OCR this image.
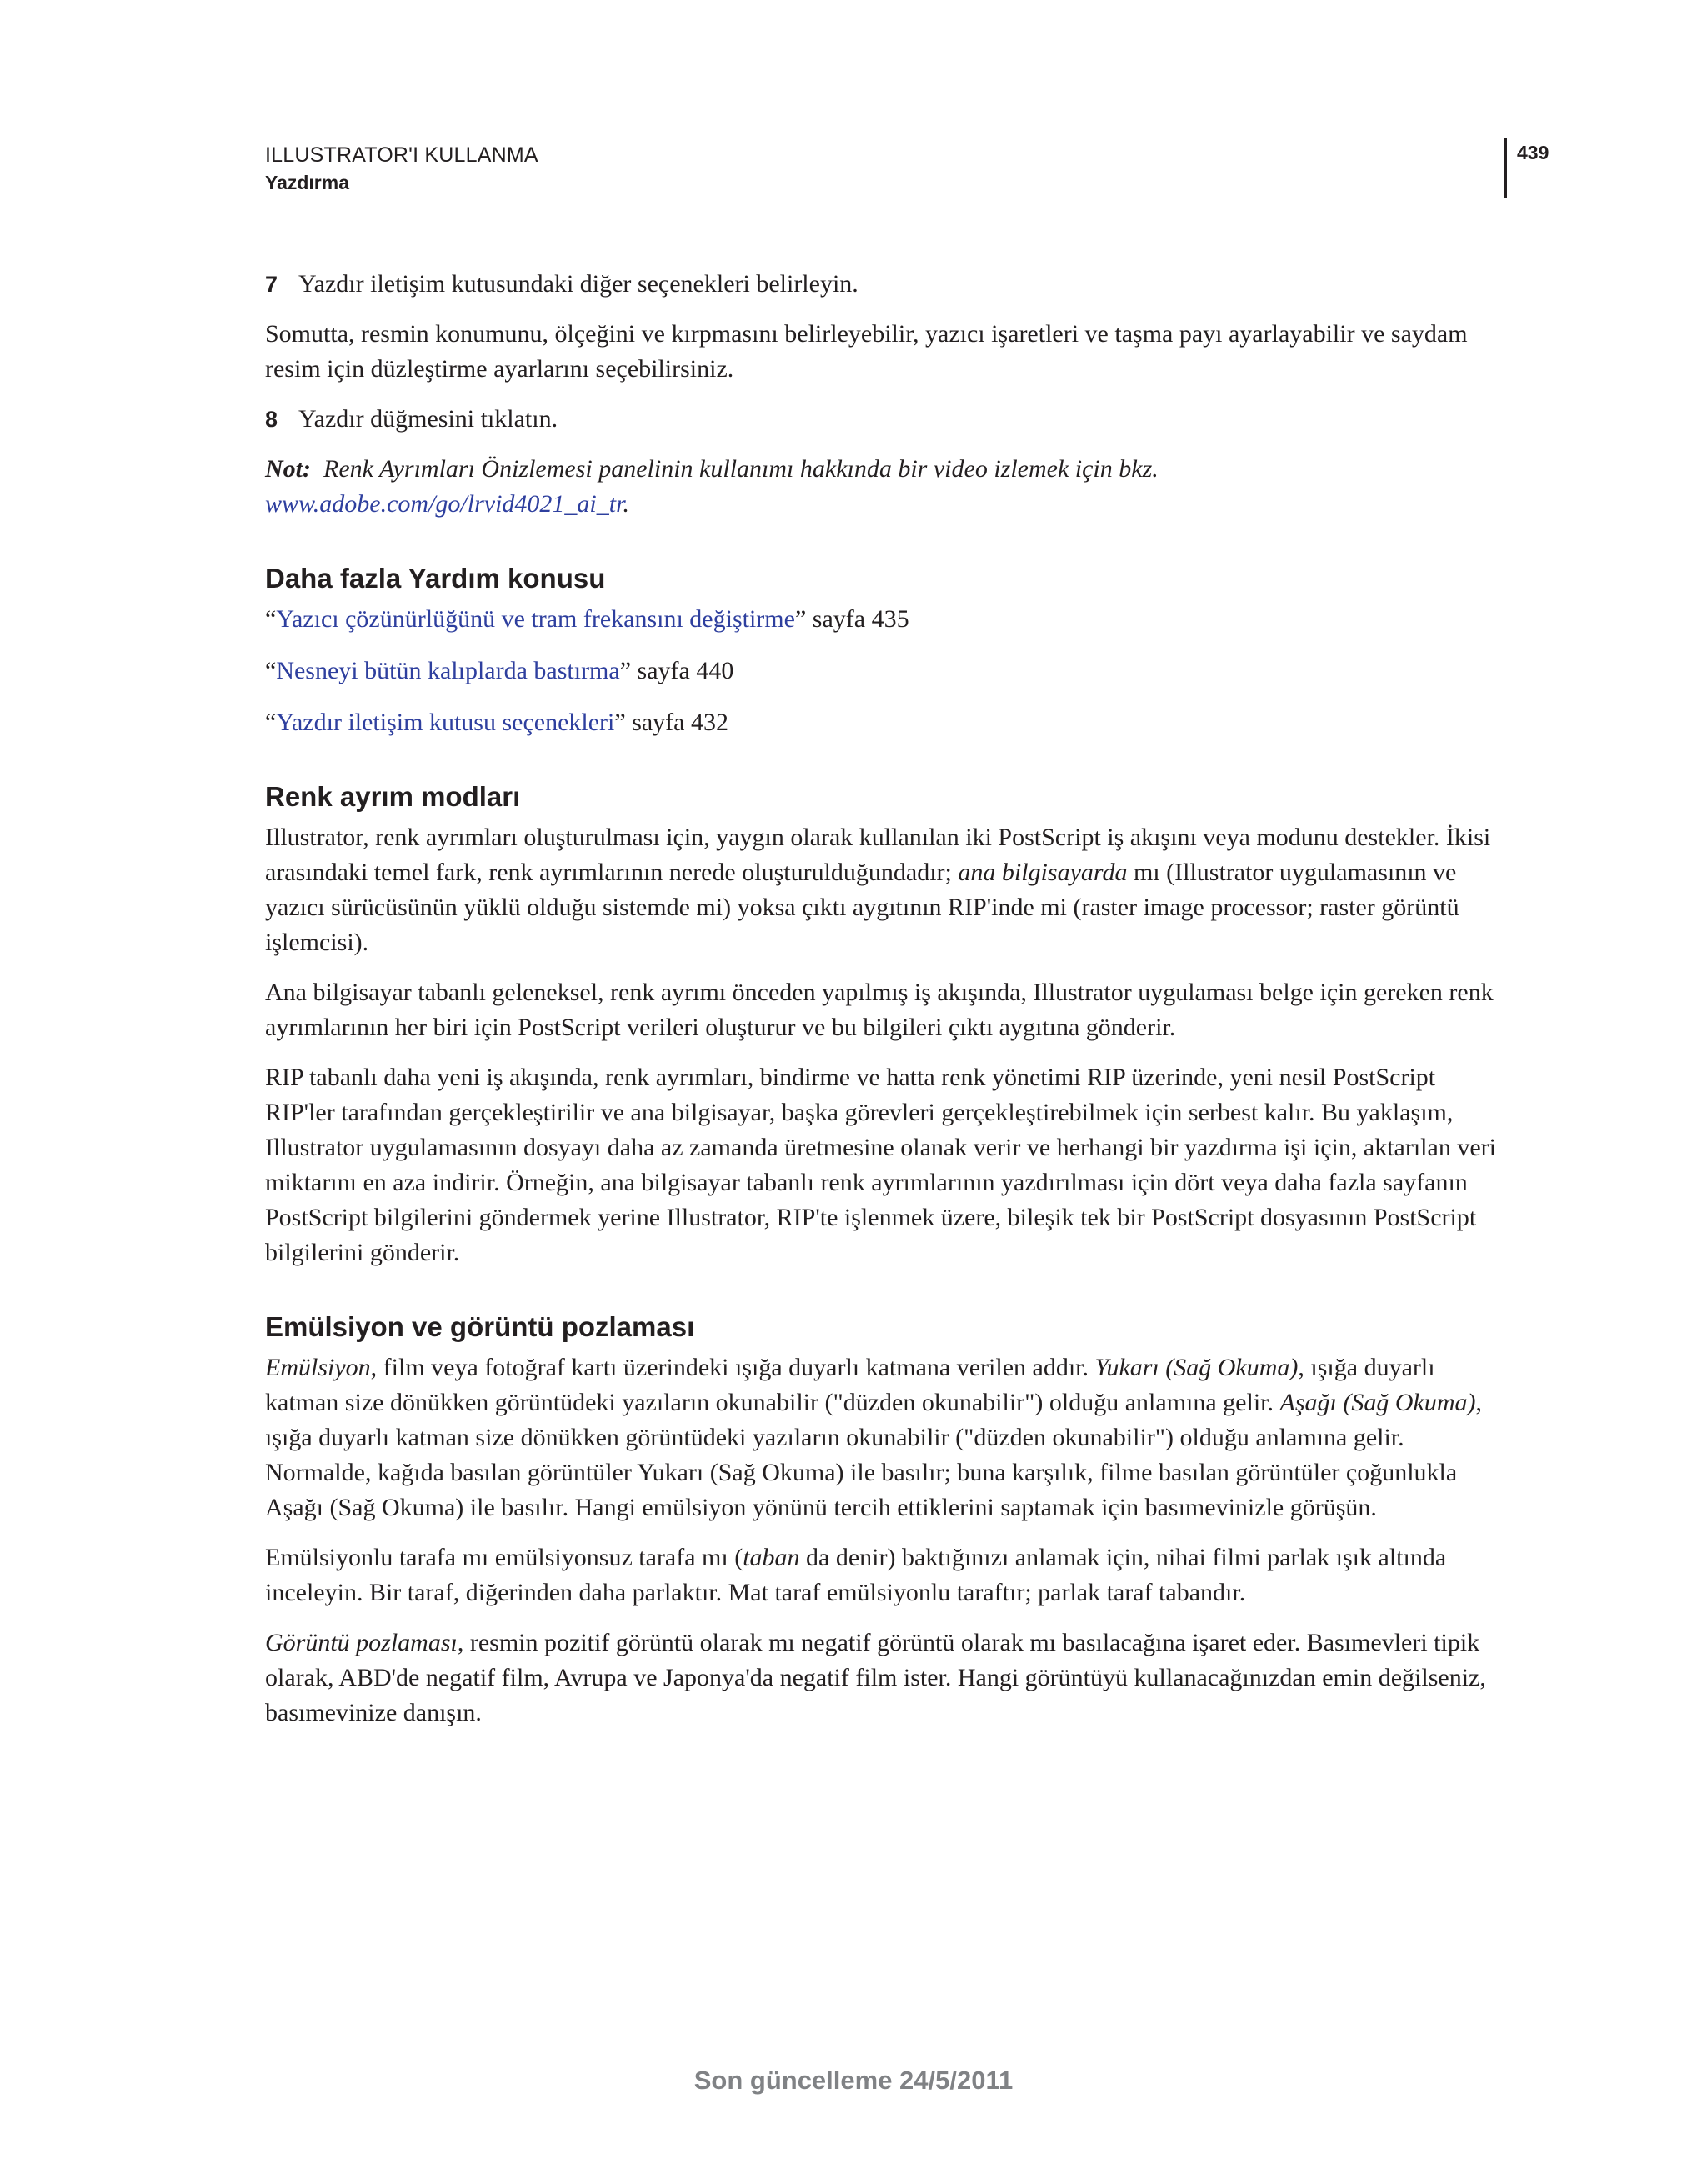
ILLUSTRATOR'I KULLANMA
Yazdırma
439

7 Yazdır iletişim kutusundaki diğer seçenekleri belirleyin.

Somutta, resmin konumunu, ölçeğini ve kırpmasını belirleyebilir, yazıcı işaretleri ve taşma payı ayarlayabilir ve saydam resim için düzleştirme ayarlarını seçebilirsiniz.

8 Yazdır düğmesini tıklatın.

Not: Renk Ayrımları Önizlemesi panelinin kullanımı hakkında bir video izlemek için bkz.
www.adobe.com/go/lrvid4021_ai_tr.

Daha fazla Yardım konusu

“Yazıcı çözünürlüğünü ve tram frekansını değiştirme” sayfa 435

“Nesneyi bütün kalıplarda bastırma” sayfa 440

“Yazdır iletişim kutusu seçenekleri” sayfa 432

Renk ayrım modları

Illustrator, renk ayrımları oluşturulması için, yaygın olarak kullanılan iki PostScript iş akışını veya modunu destekler. İkisi arasındaki temel fark, renk ayrımlarının nerede oluşturulduğundadır; ana bilgisayarda mı (Illustrator uygulamasının ve yazıcı sürücüsünün yüklü olduğu sistemde mi) yoksa çıktı aygıtının RIP'inde mi (raster image processor; raster görüntü işlemcisi).

Ana bilgisayar tabanlı geleneksel, renk ayrımı önceden yapılmış iş akışında, Illustrator uygulaması belge için gereken renk ayrımlarının her biri için PostScript verileri oluşturur ve bu bilgileri çıktı aygıtına gönderir.

RIP tabanlı daha yeni iş akışında, renk ayrımları, bindirme ve hatta renk yönetimi RIP üzerinde, yeni nesil PostScript RIP'ler tarafından gerçekleştirilir ve ana bilgisayar, başka görevleri gerçekleştirebilmek için serbest kalır. Bu yaklaşım, Illustrator uygulamasının dosyayı daha az zamanda üretmesine olanak verir ve herhangi bir yazdırma işi için, aktarılan veri miktarını en aza indirir. Örneğin, ana bilgisayar tabanlı renk ayrımlarının yazdırılması için dört veya daha fazla sayfanın PostScript bilgilerini göndermek yerine Illustrator, RIP'te işlenmek üzere, bileşik tek bir PostScript dosyasının PostScript bilgilerini gönderir.

Emülsiyon ve görüntü pozlaması

Emülsiyon, film veya fotoğraf kartı üzerindeki ışığa duyarlı katmana verilen addır. Yukarı (Sağ Okuma), ışığa duyarlı katman size dönükken görüntüdeki yazıların okunabilir ("düzden okunabilir") olduğu anlamına gelir. Aşağı (Sağ Okuma), ışığa duyarlı katman size dönükken görüntüdeki yazıların okunabilir ("düzden okunabilir") olduğu anlamına gelir. Normalde, kağıda basılan görüntüler Yukarı (Sağ Okuma) ile basılır; buna karşılık, filme basılan görüntüler çoğunlukla Aşağı (Sağ Okuma) ile basılır. Hangi emülsiyon yönünü tercih ettiklerini saptamak için basımevinizle görüşün.

Emülsiyonlu tarafa mı emülsiyonsuz tarafa mı (taban da denir) baktığınızı anlamak için, nihai filmi parlak ışık altında inceleyin. Bir taraf, diğerinden daha parlaktır. Mat taraf emülsiyonlu taraftır; parlak taraf tabandır.

Görüntü pozlaması, resmin pozitif görüntü olarak mı negatif görüntü olarak mı basılacağına işaret eder. Basımevleri tipik olarak, ABD'de negatif film, Avrupa ve Japonya'da negatif film ister. Hangi görüntüyü kullanacağınızdan emin değilseniz, basımevinize danışın.

Son güncelleme 24/5/2011
